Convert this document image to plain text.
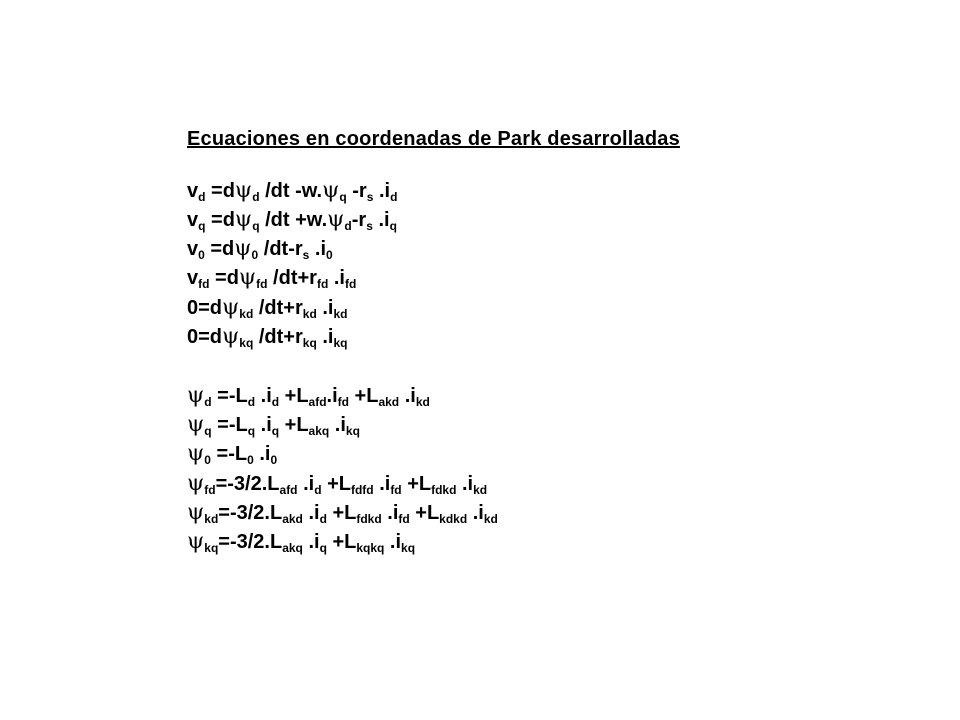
Ecuaciones en coordenadas de Park desarrolladas
$v_d =d\psi_d$ /dt $-w.\psi_q$ $-r_s$ $.i_d$
$v_q =d\psi_q$ $/dt +w.\psi_d-r_s$ $.i_q$
$v_0 =d\psi_0$ $/dt-r_s$ $.i_0$
$v_{fd} =d\psi_{fd}$ $/dt+r_{fd}$ $.i_{fd}$
$0=d\psi_{kd}$ $/dt+r_{kd}$ $.i_{kd}$
$0=d\psi_{kq}$ $/dt+r_{kq}$ $.i_{kq}$
$\psi_d =-L_d$ $.i_d +L_{afd}.i_{fd} +L_{akd}$ $.i_{kd}$
$\psi_q =-L_q$ $.i_q +L_{akq}$ $.i_{kq}$
$\psi_0 =-L_0$ $.i_0$
$\psi_{fd}=-3/2.L_{afd}$ $.i_d +L_{fdfd}$ $.i_{fd} +L_{fdkd}$ $.i_{kd}$
$\psi_{kd}=-3/2.L_{akd}$ $.i_d +L_{fdkd}$ $.i_{fd} +L_{kdkd}$ $.i_{kd}$
$\psi_{kq}=-3/2.L_{akq}$ $.i_q +L_{kqkq}$ $.i_{kq}$
